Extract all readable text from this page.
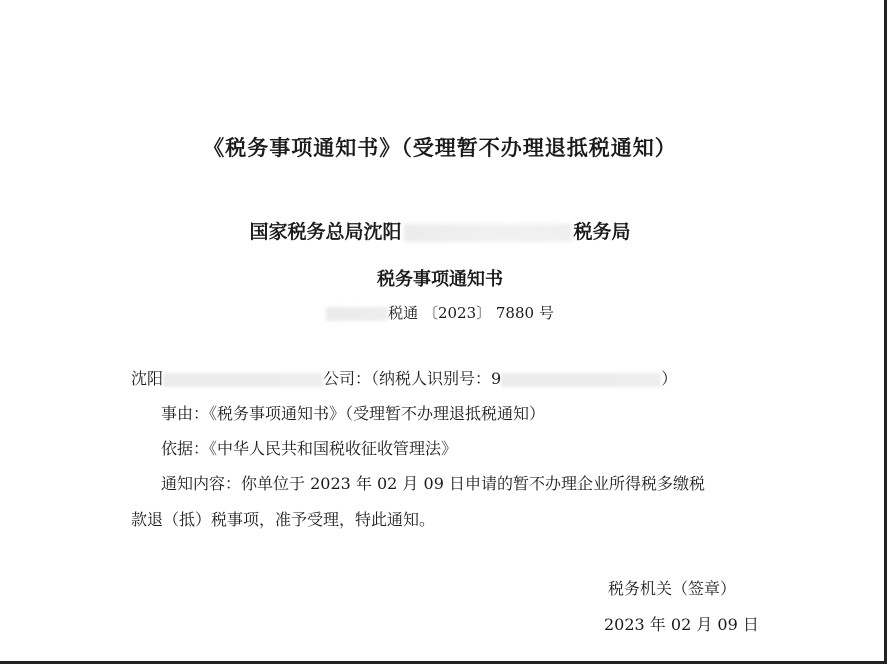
《税务事项通知书》（受理暂不办理退抵税通知）
国家税务总局沈阳	税务局
税务事项通知书
税通 〔2023〕 7880 号
沈阳	公司：（纳税人识别号：9	）
事由：《税务事项通知书》（受理暂不办理退抵税通知）
依据：《中华人民共和国税收征收管理法》
通知内容：你单位于 2023 年 02 月 09 日申请的暂不办理企业所得税多缴税
款退（抵）税事项，准予受理，特此通知。
税务机关（签章）
2023 年 02 月 09 日
